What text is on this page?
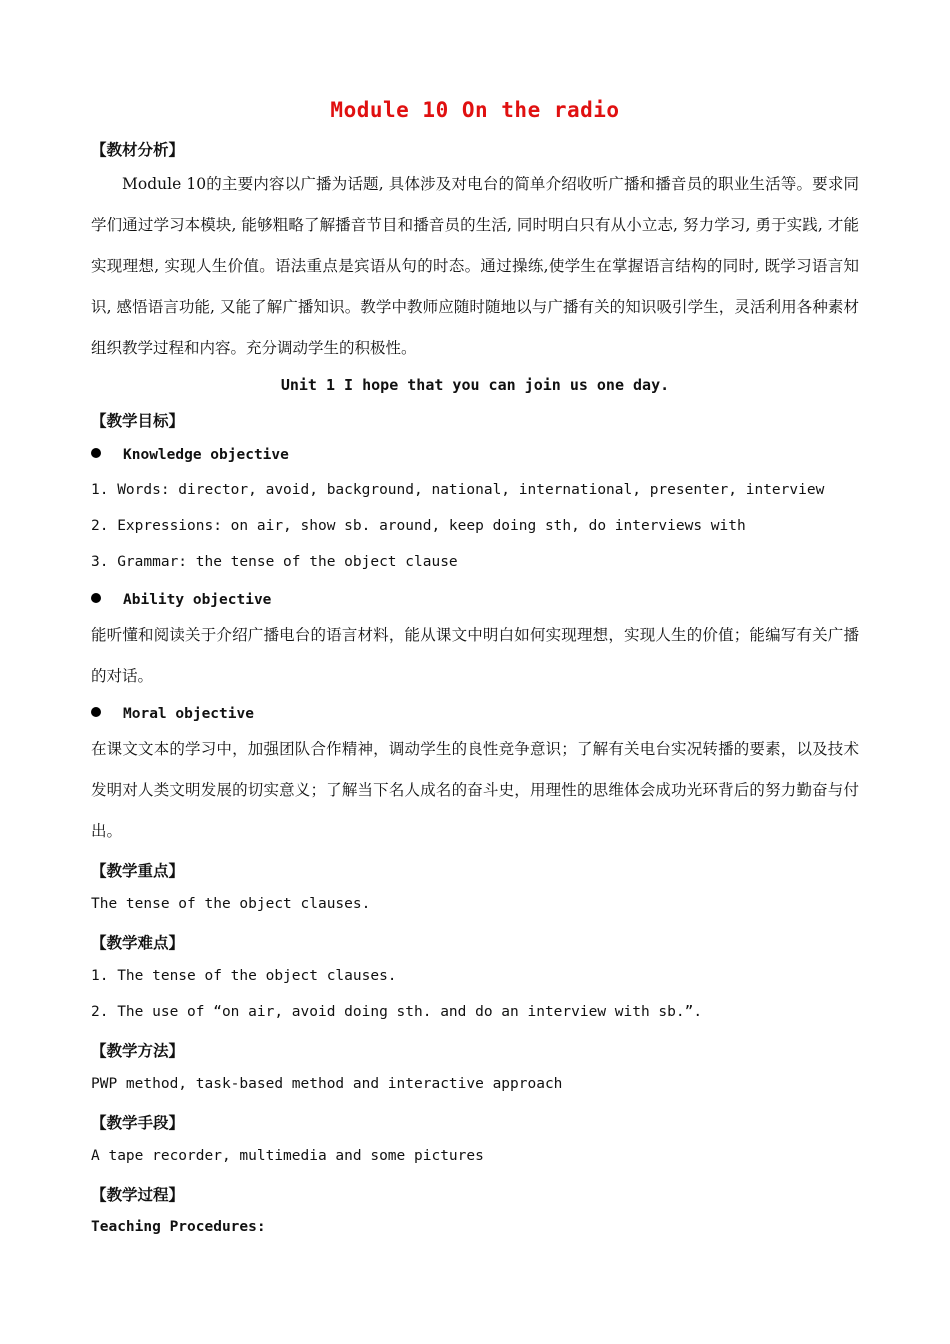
Module 10 On the radio
【教材分析】
Module 10的主要内容以广播为话题, 具体涉及对电台的简单介绍收听广播和播音员的职业生活等。要求同学们通过学习本模块, 能够粗略了解播音节目和播音员的生活, 同时明白只有从小立志, 努力学习, 勇于实践, 才能实现理想, 实现人生价值。语法重点是宾语从句的时态。通过操练,使学生在掌握语言结构的同时, 既学习语言知识, 感悟语言功能, 又能了解广播知识。教学中教师应随时随地以与广播有关的知识吸引学生，灵活利用各种素材组织教学过程和内容。充分调动学生的积极性。
Unit 1 I hope that you can join us one day.
【教学目标】
Knowledge objective
1. Words: director, avoid, background, national, international, presenter, interview
2. Expressions: on air, show sb. around, keep doing sth, do interviews with
3. Grammar: the tense of the object clause
Ability objective
能听懂和阅读关于介绍广播电台的语言材料，能从课文中明白如何实现理想，实现人生的价值；能编写有关广播的对话。
Moral objective
在课文文本的学习中，加强团队合作精神，调动学生的良性竞争意识；了解有关电台实况转播的要素，以及技术发明对人类文明发展的切实意义；了解当下名人成名的奋斗史，用理性的思维体会成功光环背后的努力勤奋与付出。
【教学重点】
The tense of the object clauses.
【教学难点】
1. The tense of the object clauses.
2. The use of “on air, avoid doing sth. and do an interview with sb.”.
【教学方法】
PWP method, task-based method and interactive approach
【教学手段】
A tape recorder, multimedia and some pictures
【教学过程】
Teaching Procedures:
